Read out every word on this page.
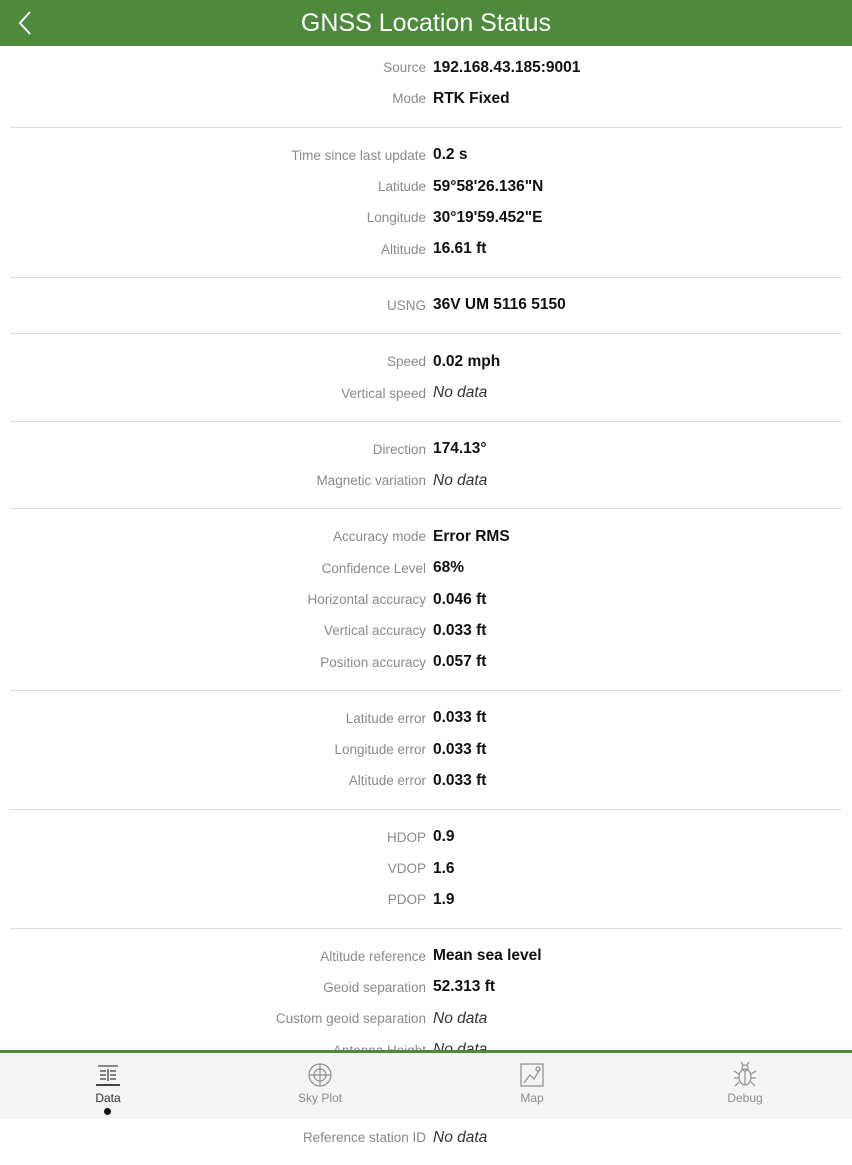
GNSS Location Status
Source 192.168.43.185:9001
Mode RTK Fixed
Time since last update 0.2 s
Latitude 59°58'26.136"N
Longitude 30°19'59.452"E
Altitude 16.61 ft
USNG 36V UM 5116 5150
Speed 0.02 mph
Vertical speed No data
Direction 174.13°
Magnetic variation No data
Accuracy mode Error RMS
Confidence Level 68%
Horizontal accuracy 0.046 ft
Vertical accuracy 0.033 ft
Position accuracy 0.057 ft
Latitude error 0.033 ft
Longitude error 0.033 ft
Altitude error 0.033 ft
HDOP 0.9
VDOP 1.6
PDOP 1.9
Altitude reference Mean sea level
Geoid separation 52.313 ft
Custom geoid separation No data
Reference station ID No data
Data	Sky Plot	Map	Debug
